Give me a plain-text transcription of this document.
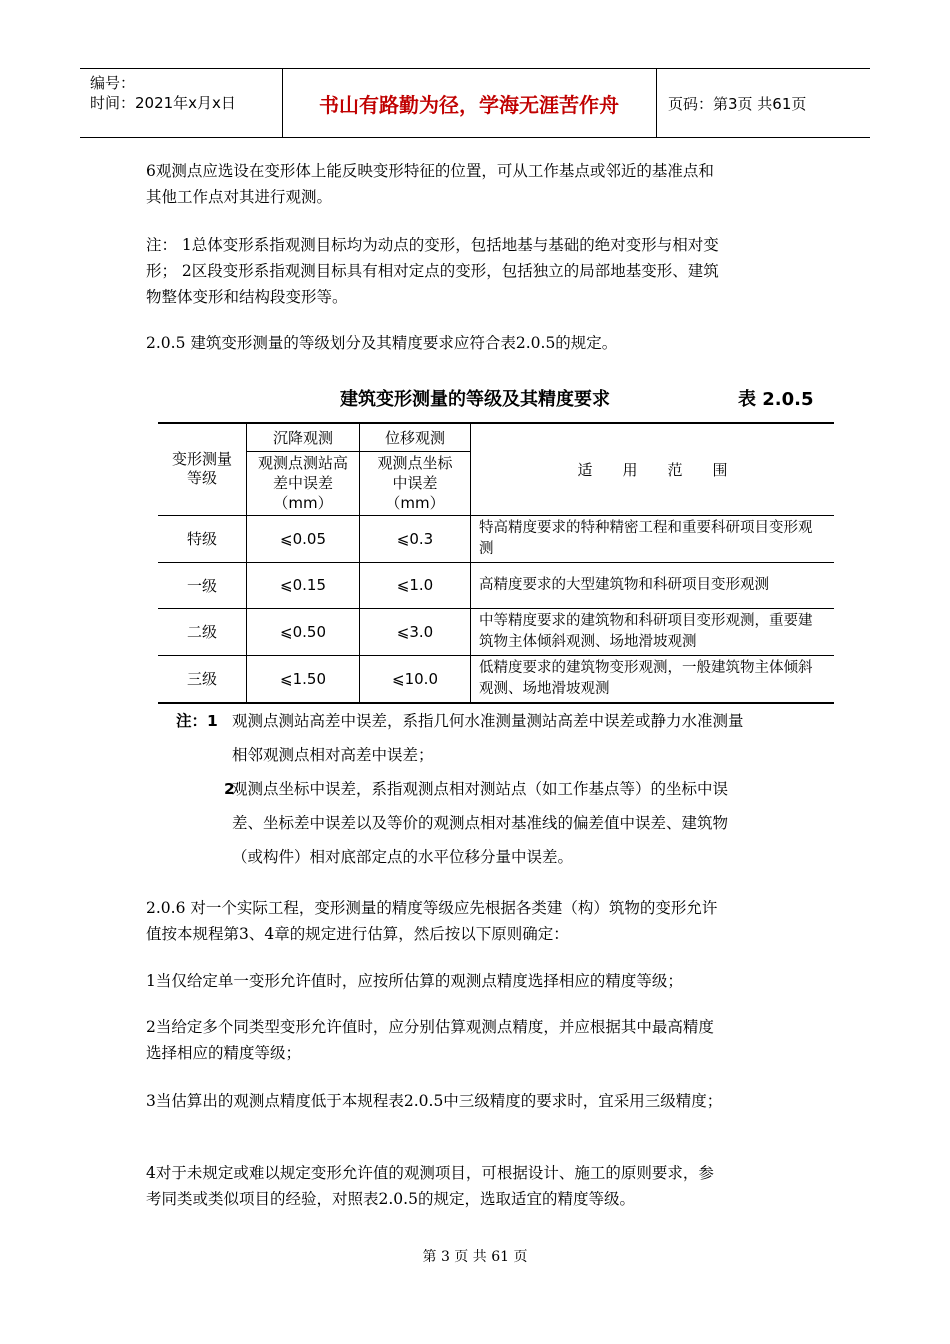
编号：
时间：2021年x月x日	书山有路勤为径，学海无涯苦作舟	页码：第3页 共61页

6观测点应选设在变形体上能反映变形特征的位置，可从工作基点或邻近的基准点和
其他工作点对其进行观测。

注： 1总体变形系指观测目标均为动点的变形，包括地基与基础的绝对变形与相对变
形； 2区段变形系指观测目标具有相对定点的变形，包括独立的局部地基变形、建筑
物整体变形和结构段变形等。

2.0.5 建筑变形测量的等级划分及其精度要求应符合表2.0.5的规定。

建筑变形测量的等级及其精度要求	表 2.0.5
变形测量等级	沉降观测	位移观测	适　　用　　范　　围
	观测点测站高差中误差（mm）	观测点坐标中误差（mm）	
特级	⩽0.05	⩽0.3	特高精度要求的特种精密工程和重要科研项目变形观测
一级	⩽0.15	⩽1.0	高精度要求的大型建筑物和科研项目变形观测
二级	⩽0.50	⩽3.0	中等精度要求的建筑物和科研项目变形观测，重要建筑物主体倾斜观测、场地滑坡观测
三级	⩽1.50	⩽10.0	低精度要求的建筑物变形观测，一般建筑物主体倾斜观测、场地滑坡观测
注：1 观测点测站高差中误差，系指几何水准测量测站高差中误差或静力水准测量
相邻观测点相对高差中误差；
2
观测点坐标中误差，系指观测点相对测站点（如工作基点等）的坐标中误
差、坐标差中误差以及等价的观测点相对基准线的偏差值中误差、建筑物
（或构件）相对底部定点的水平位移分量中误差。

2.0.6 对一个实际工程，变形测量的精度等级应先根据各类建（构）筑物的变形允许
值按本规程第3、4章的规定进行估算，然后按以下原则确定：

1当仅给定单一变形允许值时，应按所估算的观测点精度选择相应的精度等级；

2当给定多个同类型变形允许值时，应分别估算观测点精度，并应根据其中最高精度
选择相应的精度等级；

3当估算出的观测点精度低于本规程表2.0.5中三级精度的要求时，宜采用三级精度；

4对于未规定或难以规定变形允许值的观测项目，可根据设计、施工的原则要求，参
考同类或类似项目的经验，对照表2.0.5的规定，选取适宜的精度等级。

第 3 页 共 61 页
